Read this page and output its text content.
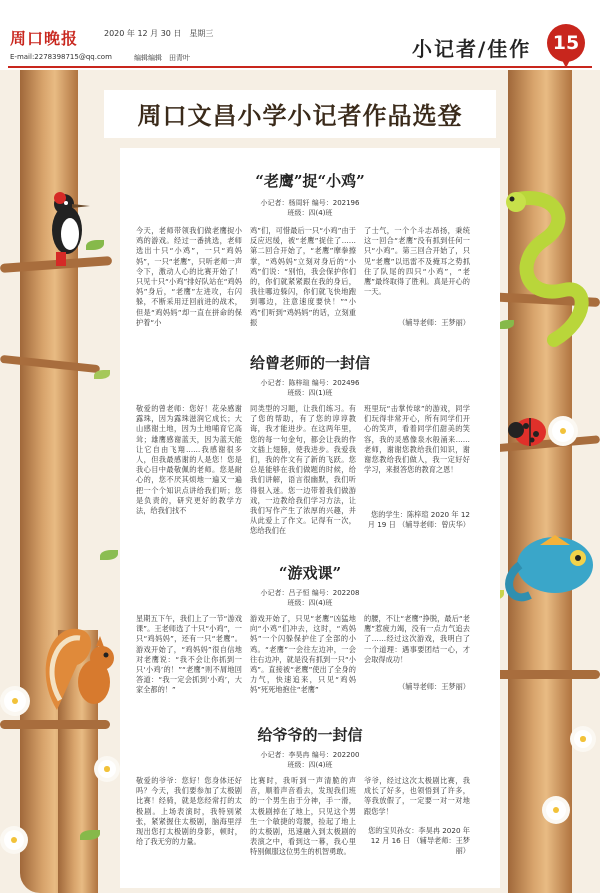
周口晚报	2020 年 12 月 30 日　星期三
E-mail:2278398715@qq.com	编辑编辑　田青叶	小记者/佳作	15
周口文昌小学小记者作品选登
“老鹰”捉“小鸡”
小记者：杨周轩 编号：202196
班级：四(4)班
今天，老师带领我们做老鹰捉小鸡的游戏。经过一番挑选，老师选出十只“小鸡”，一只“鸡妈妈”，一只“老鹰”，只听老师一声令下，激动人心的比赛开始了！只见十只“小鸡”排好队站在“鸡妈妈”身后，“老鹰”左进攻，右闪躲，不断采用迂回前进的战术，但是“鸡妈妈”却一直在拼命的保护着“小
鸡”们，可惜最后一只“小鸡”由于反应迟缓，被“老鹰”捉住了……第二回合开始了，“老鹰”摩拳擦掌，“鸡妈妈”立刻对身后的“小鸡”们说：“别怕，我会保护你们的，你们就紧紧跟在我的身后，我往哪边躲闪，你们就飞快地跑到哪边，注意速度要快！”“小鸡”们听到“鸡妈妈”的话，立刻重振
了士气，一个个斗志昂扬，秉统这一回合“老鹰”没有抓到任何一只“小鸡”。第三回合开始了，只见“老鹰”以迅雷不及掩耳之势抓住了队尾的四只“小鸡”，“老鹰”最终取得了胜利。真是开心的一天。
（辅导老师：王梦丽）
给曾老师的一封信
小记者：陈梓瑄 编号：202496
班级：四(1)班
敬爱的曾老师：您好！花朵感谢露珠，因为露珠滋润它成长；大山感谢土地，因为土地哺育它高耸；雄鹰感谢蓝天，因为蓝天能让它自由飞翔……我感谢很多人，但我最感谢的人是您！您是我心目中最敬佩的老师。您是耐心的，您不厌其烦地一遍又一遍把一个个知识点讲给我们听；您是负责的，研究更好的教学方法，给我们找不
同类型的习题，让我们练习。有了您的帮助，有了您的谆谆教诲，我才能进步。在这两年里，您的每一句金句，都会让我的作文插上翅膀，使我进步。我爱我们，我的作文有了新的飞跃。您总是能够在我们做题的时候，给我们讲解，语言很幽默，我们听得很入迷。您一边带着我们做游戏，一边教给我们学习方法，让我们写作产生了浓厚的兴趣，并从此爱上了作文。记得有一次，您给我们在
班里玩“击掌传球”的游戏，同学们玩得非常开心，所有同学们开心的笑声，看着同学们甜美的笑容，我的灵感像泉水般涌来……老师，谢谢您教给我们知识，谢谢您教给我们做人，我一定好好学习，来报答您的教育之恩！
您的学生：陈梓瑄 2020 年 12 月 19 日 （辅导老师：曾庆华）
“游戏课”
小记者：吕子恒 编号：202208
班级：四(4)班
星期五下午，我们上了一节“游戏课”。王老师选了十只“小鸡”，一只“鸡妈妈”，还有一只“老鹰”。游戏开始了，“鸡妈妈”很自信地对老鹰说：“我不会让你抓到一只‘小鸡’的！”“老鹰”则不屑地回答道：“我一定会抓到‘小鸡’，大家全都的！”
游戏开始了，只见“老鹰”凶猛地向“小鸡”们冲去，这时，“鸡妈妈”一个闪躲保护住了全部的小鸡。“老鹰”一会往左边冲，一会往右边冲，就是没有抓到一只“小鸡”。直接被“老鹰”使出了全身的力气，快速追来，只见“鸡妈妈”死死地抱住“老鹰”
的腰，不让“老鹰”挣脱，最后“老鹰”惹疲力竭，没有一点力气追去了……经过这次游戏，我明白了一个道理：遇事要团结一心，才会取得成功！
（辅导老师：王梦丽）
给爷爷的一封信
小记者：李昊冉 编号：202200
班级：四(4)班
敬爱的爷爷：您好！您身体还好吗？今天，我们要参加了太极剧比赛！经骑，就是您经常打的太极剧。上场表演时，我特别紧张，紧紧握住太极剧，脑海里浮现出您打太极剧的身影，顿时，给了我无穷的力量。
比赛时，我听到一声清脆的声音，顺着声音看去，发现我们班的一个男生由于分神，手一滑，太极剧掉在了地上，只见这个男生一个敏捷的弯腰，捡起了地上的太极剧，迅速融入到太极剧的表演之中，看到这一幕，我心里特别佩服这位男生的机智勇敢。
爷爷，经过这次太极剧比赛，我成长了好多，也领悟到了许多，等我放假了，一定要一对一对地跟您学！
您的宝贝孙女：李昊冉 2020 年 12 月 16 日 （辅导老师：王梦丽）
